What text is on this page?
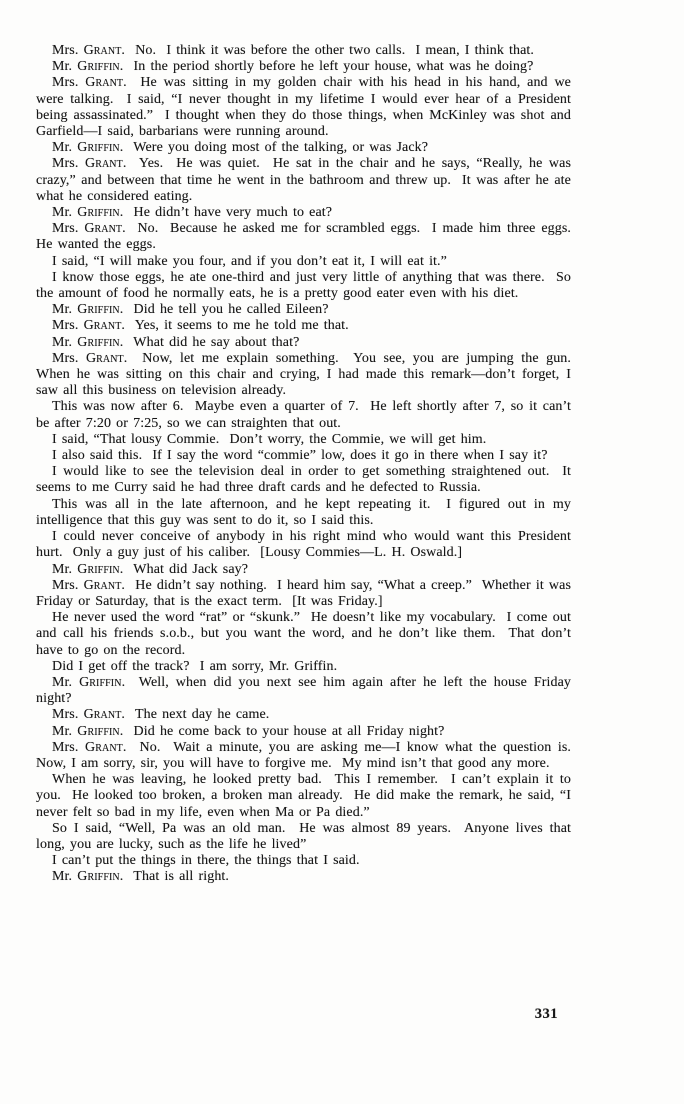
Mrs. Grant. No.  I think it was before the other two calls.  I mean, I think that.

Mr. Griffin. In the period shortly before he left your house, what was he doing?

Mrs. Grant. He was sitting in my golden chair with his head in his hand, and we were talking.  I said, “I never thought in my lifetime I would ever hear of a President being assassinated.”  I thought when they do those things, when McKinley was shot and Garfield—I said, barbarians were running around.

Mr. Griffin. Were you doing most of the talking, or was Jack?

Mrs. Grant. Yes.  He was quiet.  He sat in the chair and he says, “Really, he was crazy,” and between that time he went in the bathroom and threw up.  It was after he ate what he considered eating.

Mr. Griffin. He didn’t have very much to eat?

Mrs. Grant. No.  Because he asked me for scrambled eggs.  I made him three eggs.  He wanted the eggs.

I said, “I will make you four, and if you don’t eat it, I will eat it.”

I know those eggs, he ate one-third and just very little of anything that was there.  So the amount of food he normally eats, he is a pretty good eater even with his diet.

Mr. Griffin. Did he tell you he called Eileen?

Mrs. Grant. Yes, it seems to me he told me that.

Mr. Griffin. What did he say about that?

Mrs. Grant. Now, let me explain something.  You see, you are jumping the gun.  When he was sitting on this chair and crying, I had made this remark—don’t forget, I saw all this business on television already.

This was now after 6.  Maybe even a quarter of 7.  He left shortly after 7, so it can’t be after 7:20 or 7:25, so we can straighten that out.

I said, “That lousy Commie.  Don’t worry, the Commie, we will get him.

I also said this.  If I say the word “commie” low, does it go in there when I say it?

I would like to see the television deal in order to get something straightened out.  It seems to me Curry said he had three draft cards and he defected to Russia.

This was all in the late afternoon, and he kept repeating it.  I figured out in my intelligence that this guy was sent to do it, so I said this.

I could never conceive of anybody in his right mind who would want this President hurt.  Only a guy just of his caliber.  [Lousy Commies—L. H. Oswald.]

Mr. Griffin. What did Jack say?

Mrs. Grant. He didn’t say nothing.  I heard him say, “What a creep.”  Whether it was Friday or Saturday, that is the exact term.  [It was Friday.]

He never used the word “rat” or “skunk.”  He doesn’t like my vocabulary.  I come out and call his friends s.o.b., but you want the word, and he don’t like them.  That don’t have to go on the record.

Did I get off the track?  I am sorry, Mr. Griffin.

Mr. Griffin. Well, when did you next see him again after he left the house Friday night?

Mrs. Grant. The next day he came.

Mr. Griffin. Did he come back to your house at all Friday night?

Mrs. Grant. No.  Wait a minute, you are asking me—I know what the question is.  Now, I am sorry, sir, you will have to forgive me.  My mind isn’t that good any more.

When he was leaving, he looked pretty bad.  This I remember.  I can’t explain it to you.  He looked too broken, a broken man already.  He did make the remark, he said, “I never felt so bad in my life, even when Ma or Pa died.”

So I said, “Well, Pa was an old man.  He was almost 89 years.  Anyone lives that long, you are lucky, such as the life he lived”

I can’t put the things in there, the things that I said.

Mr. Griffin. That is all right.

331
